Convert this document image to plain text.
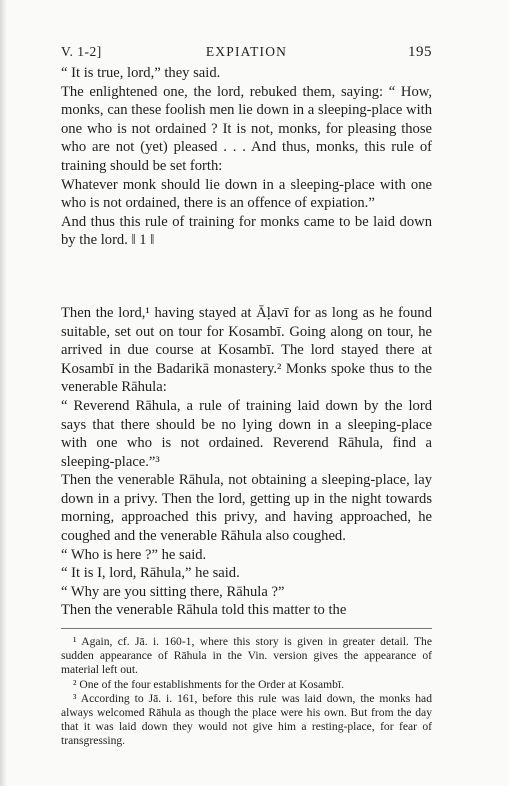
V. 1-2]	EXPIATION	195

“ It is true, lord,” they said.

The enlightened one, the lord, rebuked them, saying: “ How, monks, can these foolish men lie down in a sleeping-place with one who is not ordained ? It is not, monks, for pleasing those who are not (yet) pleased . . . And thus, monks, this rule of training should be set forth:

Whatever monk should lie down in a sleeping-place with one who is not ordained, there is an offence of expiation.”

And thus this rule of training for monks came to be laid down by the lord. ‖ 1 ‖

Then the lord,¹ having stayed at Āḷavī for as long as he found suitable, set out on tour for Kosambī. Going along on tour, he arrived in due course at Kosambī. The lord stayed there at Kosambī in the Badarikā monastery.² Monks spoke thus to the venerable Rāhula:

“ Reverend Rāhula, a rule of training laid down by the lord says that there should be no lying down in a sleeping-place with one who is not ordained. Reverend Rāhula, find a sleeping-place.”³

Then the venerable Rāhula, not obtaining a sleeping-place, lay down in a privy. Then the lord, getting up in the night towards morning, approached this privy, and having approached, he coughed and the venerable Rāhula also coughed.

“ Who is here ?” he said.

“ It is I, lord, Rāhula,” he said.

“ Why are you sitting there, Rāhula ?”

Then the venerable Rāhula told this matter to the

¹ Again, cf. Jā. i. 160-1, where this story is given in greater detail. The sudden appearance of Rāhula in the Vin. version gives the appearance of material left out.

² One of the four establishments for the Order at Kosambī.

³ According to Jā. i. 161, before this rule was laid down, the monks had always welcomed Rāhula as though the place were his own. But from the day that it was laid down they would not give him a resting-place, for fear of transgressing.
